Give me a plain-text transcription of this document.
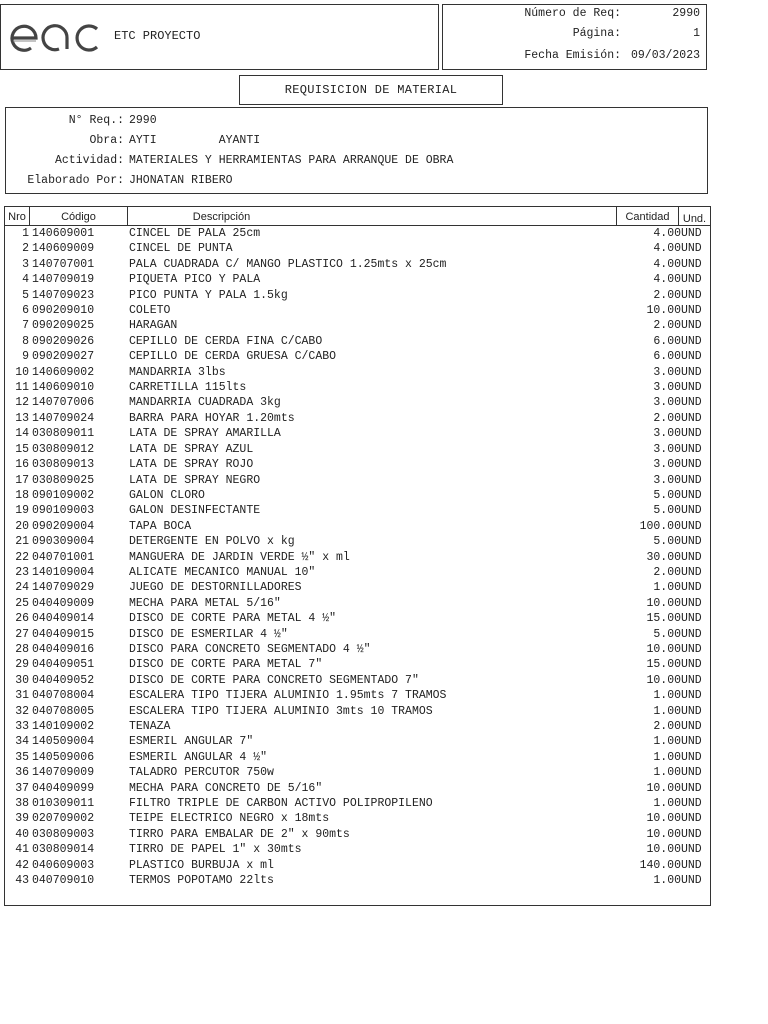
ETC PROYECTO
Número de Req:	2990
Página:	1
Fecha Emisión: 09/03/2023
REQUISICION DE MATERIAL
N° Req.: 2990
Obra: AYTI         AYANTI
Actividad: MATERIALES Y HERRAMIENTAS PARA ARRANQUE DE OBRA
Elaborado Por: JHONATAN RIBERO
Nro	Código	Descripción	Cantidad	Und.
1 140609001	CINCEL DE PALA 25cm	4.00 UND
2 140609009	CINCEL DE PUNTA	4.00 UND
3 140707001	PALA CUADRADA C/ MANGO PLASTICO 1.25mts x 25cm	4.00 UND
4 140709019	PIQUETA PICO Y PALA	4.00 UND
5 140709023	PICO PUNTA Y PALA 1.5kg	2.00 UND
6 090209010	COLETO	10.00 UND
7 090209025	HARAGAN	2.00 UND
8 090209026	CEPILLO DE CERDA FINA C/CABO	6.00 UND
9 090209027	CEPILLO DE CERDA GRUESA C/CABO	6.00 UND
10 140609002	MANDARRIA 3lbs	3.00 UND
11 140609010	CARRETILLA 115lts	3.00 UND
12 140707006	MANDARRIA CUADRADA 3kg	3.00 UND
13 140709024	BARRA PARA HOYAR 1.20mts	2.00 UND
14 030809011	LATA DE SPRAY AMARILLA	3.00 UND
15 030809012	LATA DE SPRAY AZUL	3.00 UND
16 030809013	LATA DE SPRAY ROJO	3.00 UND
17 030809025	LATA DE SPRAY NEGRO	3.00 UND
18 090109002	GALON CLORO	5.00 UND
19 090109003	GALON DESINFECTANTE	5.00 UND
20 090209004	TAPA BOCA	100.00 UND
21 090309004	DETERGENTE EN POLVO x kg	5.00 UND
22 040701001	MANGUERA DE JARDIN VERDE ½" x ml	30.00 UND
23 140109004	ALICATE MECANICO MANUAL 10"	2.00 UND
24 140709029	JUEGO DE DESTORNILLADORES	1.00 UND
25 040409009	MECHA PARA METAL 5/16"	10.00 UND
26 040409014	DISCO DE CORTE PARA METAL 4 ½"	15.00 UND
27 040409015	DISCO DE ESMERILAR 4 ½"	5.00 UND
28 040409016	DISCO PARA CONCRETO SEGMENTADO 4 ½"	10.00 UND
29 040409051	DISCO DE CORTE PARA METAL 7"	15.00 UND
30 040409052	DISCO DE CORTE PARA CONCRETO SEGMENTADO 7"	10.00 UND
31 040708004	ESCALERA TIPO TIJERA ALUMINIO 1.95mts 7 TRAMOS	1.00 UND
32 040708005	ESCALERA TIPO TIJERA ALUMINIO 3mts 10 TRAMOS	1.00 UND
33 140109002	TENAZA	2.00 UND
34 140509004	ESMERIL ANGULAR 7"	1.00 UND
35 140509006	ESMERIL ANGULAR 4 ½"	1.00 UND
36 140709009	TALADRO PERCUTOR 750w	1.00 UND
37 040409099	MECHA PARA CONCRETO DE 5/16"	10.00 UND
38 010309011	FILTRO TRIPLE DE CARBON ACTIVO POLIPROPILENO	1.00 UND
39 020709002	TEIPE ELECTRICO NEGRO x 18mts	10.00 UND
40 030809003	TIRRO PARA EMBALAR DE 2" x 90mts	10.00 UND
41 030809014	TIRRO DE PAPEL 1" x 30mts	10.00 UND
42 040609003	PLASTICO BURBUJA x ml	140.00 UND
43 040709010	TERMOS POPOTAMO 22lts	1.00 UND
